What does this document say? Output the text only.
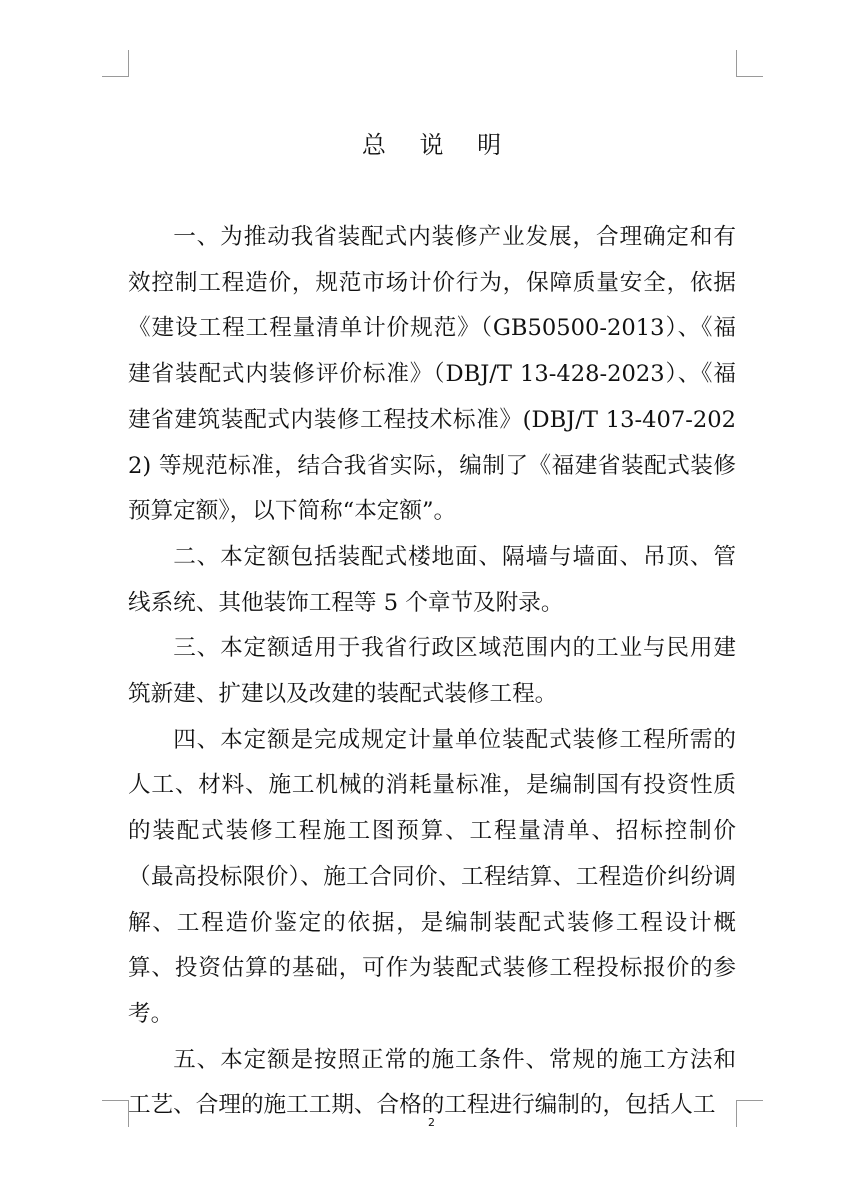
总 说 明

一、为推动我省装配式内装修产业发展，合理确定和有效控制工程造价，规范市场计价行为，保障质量安全，依据《建设工程工程量清单计价规范》（GB50500-2013）、《福建省装配式内装修评价标准》（DBJ/T 13-428-2023）、《福建省建筑装配式内装修工程技术标准》(DBJ/T 13-407-2022) 等规范标准，结合我省实际，编制了《福建省装配式装修预算定额》，以下简称“本定额”。

二、本定额包括装配式楼地面、隔墙与墙面、吊顶、管线系统、其他装饰工程等 5 个章节及附录。

三、本定额适用于我省行政区域范围内的工业与民用建筑新建、扩建以及改建的装配式装修工程。

四、本定额是完成规定计量单位装配式装修工程所需的人工、材料、施工机械的消耗量标准，是编制国有投资性质的装配式装修工程施工图预算、工程量清单、招标控制价（最高投标限价）、施工合同价、工程结算、工程造价纠纷调解、工程造价鉴定的依据，是编制装配式装修工程设计概算、投资估算的基础，可作为装配式装修工程投标报价的参考。

五、本定额是按照正常的施工条件、常规的施工方法和工艺、合理的施工工期、合格的工程进行编制的，包括人工

2
